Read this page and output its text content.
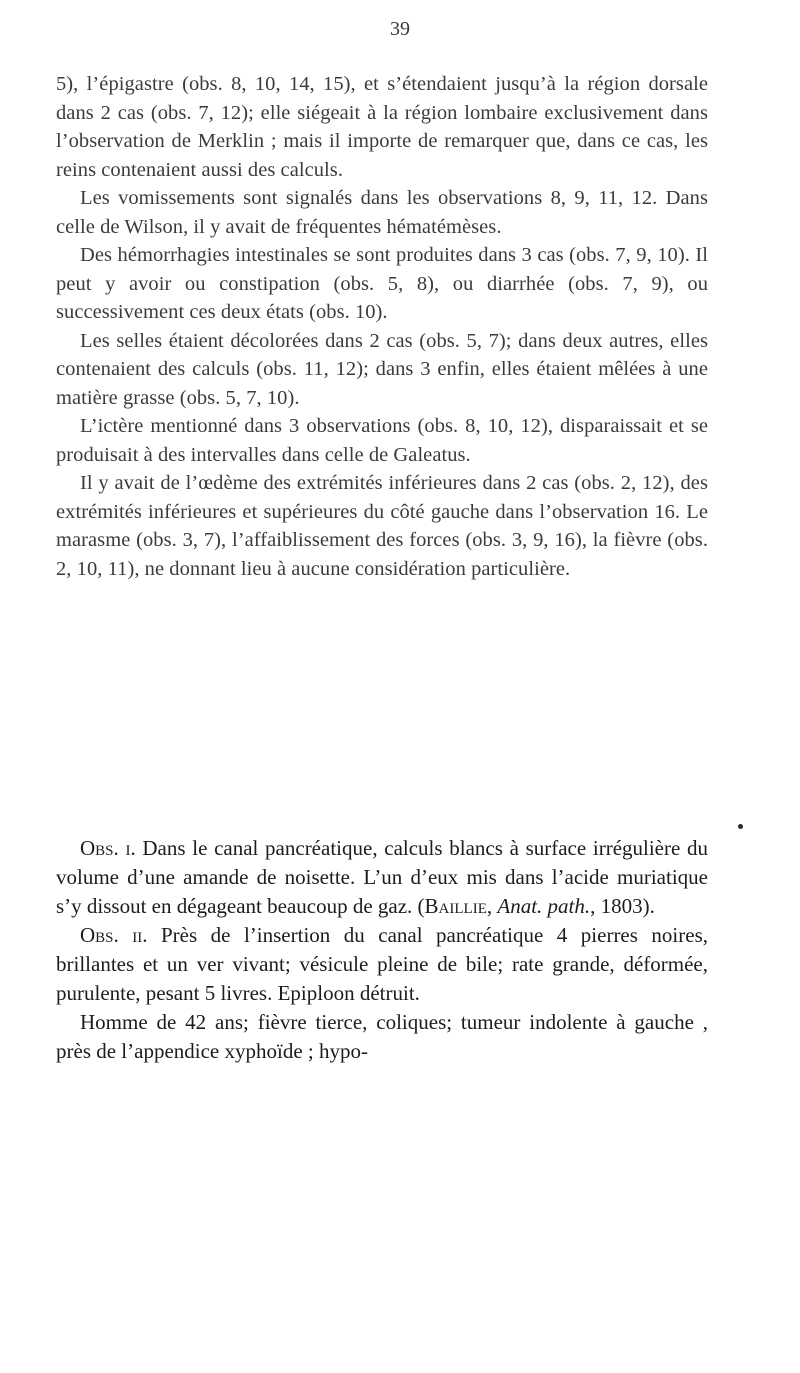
39

5), l’épigastre (obs. 8, 10, 14, 15), et s’étendaient jusqu’à la région dorsale dans 2 cas (obs. 7, 12); elle siégeait à la région lombaire exclusivement dans l’observation de Merklin ; mais il importe de remarquer que, dans ce cas, les reins contenaient aussi des calculs.

Les vomissements sont signalés dans les observations 8, 9, 11, 12. Dans celle de Wilson, il y avait de fréquentes hématémèses.

Des hémorrhagies intestinales se sont produites dans 3 cas (obs. 7, 9, 10). Il peut y avoir ou constipation (obs. 5, 8), ou diarrhée (obs. 7, 9), ou successivement ces deux états (obs. 10).

Les selles étaient décolorées dans 2 cas (obs. 5, 7); dans deux autres, elles contenaient des calculs (obs. 11, 12); dans 3 enfin, elles étaient mêlées à une matière grasse (obs. 5, 7, 10).

L’ictère mentionné dans 3 observations (obs. 8, 10, 12), disparaissait et se produisait à des intervalles dans celle de Galeatus.

Il y avait de l’œdème des extrémités inférieures dans 2 cas (obs. 2, 12), des extrémités inférieures et supérieures du côté gauche dans l’observation 16. Le marasme (obs. 3, 7), l’affaiblissement des forces (obs. 3, 9, 16), la fièvre (obs. 2, 10, 11), ne donnant lieu à aucune considération particulière.

Obs. i. Dans le canal pancréatique, calculs blancs à surface irrégulière du volume d’une amande de noisette. L’un d’eux mis dans l’acide muriatique s’y dissout en dégageant beaucoup de gaz. (Baillie, Anat. path., 1803).

Obs. ii. Près de l’insertion du canal pancréatique 4 pierres noires, brillantes et un ver vivant; vésicule pleine de bile; rate grande, déformée, purulente, pesant 5 livres. Epiploon détruit.

Homme de 42 ans; fièvre tierce, coliques; tumeur indolente à gauche , près de l’appendice xyphoïde ; hypo-
